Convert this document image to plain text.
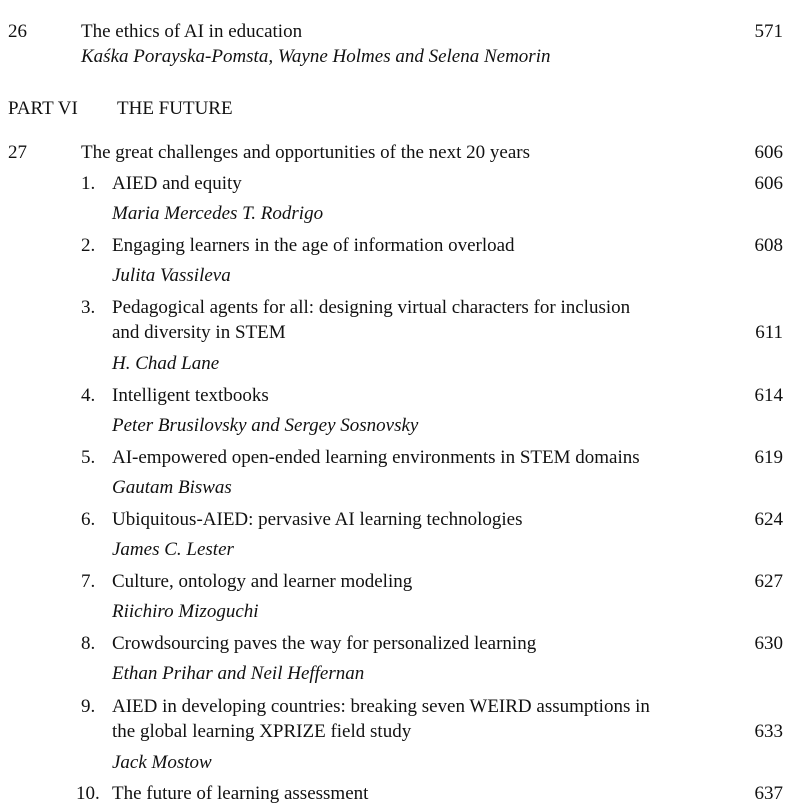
26	The ethics of AI in education	571
Kaśka Porayska-Pomsta, Wayne Holmes and Selena Nemorin
PART VI THE FUTURE
27	The great challenges and opportunities of the next 20 years	606
1. AIED and equity	606
Maria Mercedes T. Rodrigo
2. Engaging learners in the age of information overload	608
Julita Vassileva
3. Pedagogical agents for all: designing virtual characters for inclusion
and diversity in STEM	611
H. Chad Lane
4. Intelligent textbooks	614
Peter Brusilovsky and Sergey Sosnovsky
5. AI-empowered open-ended learning environments in STEM domains	619
Gautam Biswas
6. Ubiquitous-AIED: pervasive AI learning technologies	624
James C. Lester
7. Culture, ontology and learner modeling	627
Riichiro Mizoguchi
8. Crowdsourcing paves the way for personalized learning	630
Ethan Prihar and Neil Heffernan
9. AIED in developing countries: breaking seven WEIRD assumptions in
the global learning XPRIZE field study	633
Jack Mostow
10. The future of learning assessment	637
